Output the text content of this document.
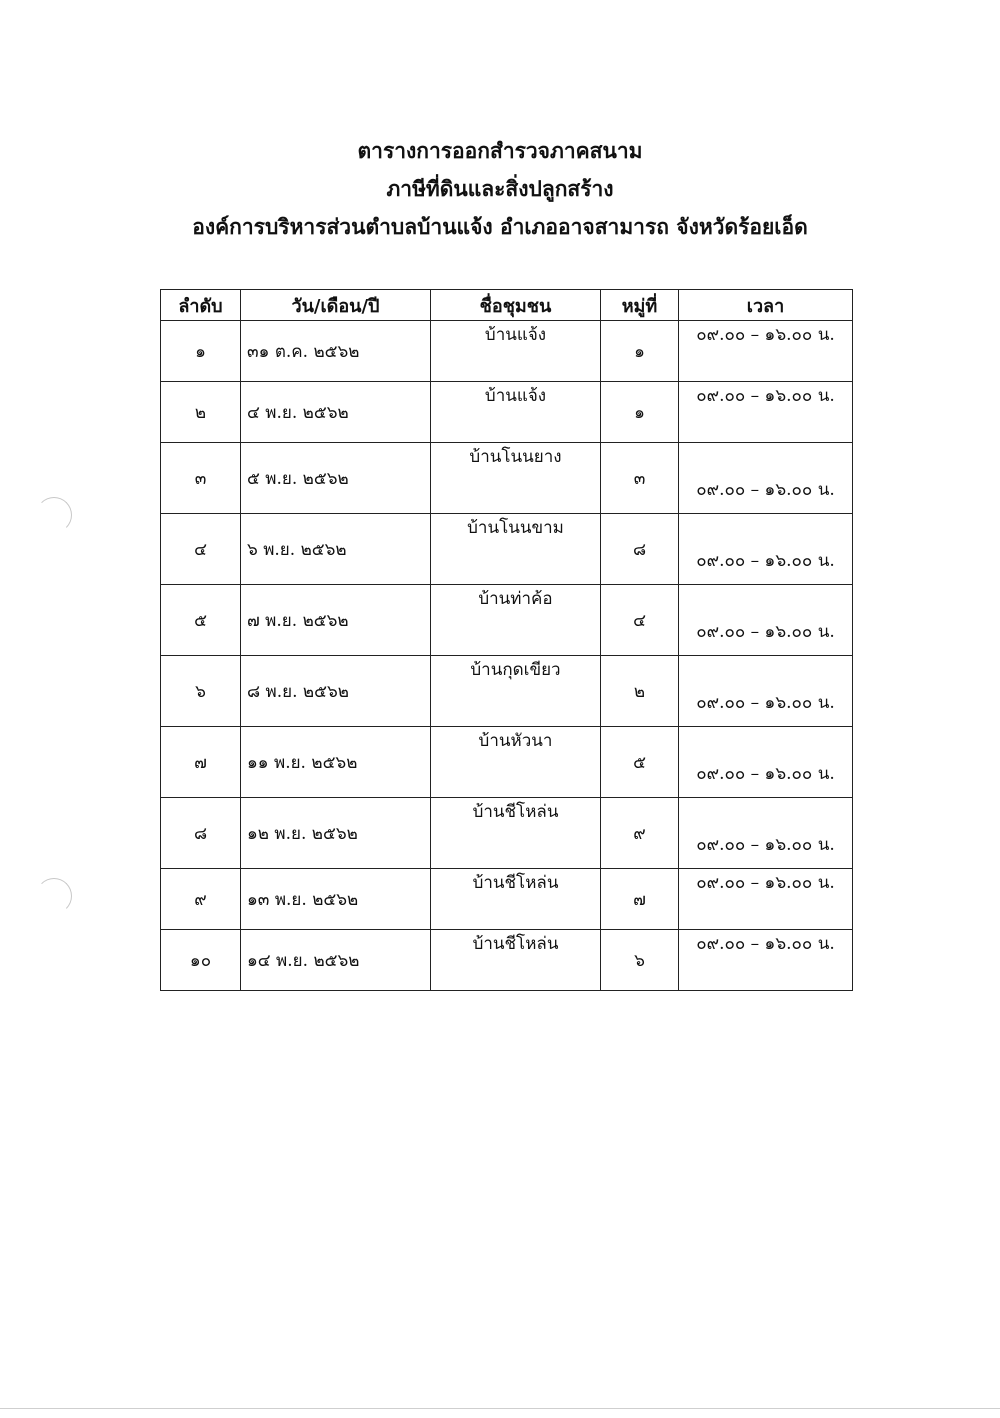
ตารางการออกสำรวจภาคสนาม
ภาษีที่ดินและสิ่งปลูกสร้าง
องค์การบริหารส่วนตำบลบ้านแจ้ง อำเภออาจสามารถ จังหวัดร้อยเอ็ด
ลำดับ	วัน/เดือน/ปี	ชื่อชุมชน	หมู่ที่	เวลา
๑	๓๑ ต.ค. ๒๕๖๒	บ้านแจ้ง	๑	๐๙.๐๐ – ๑๖.๐๐ น.
๒	๔ พ.ย. ๒๕๖๒	บ้านแจ้ง	๑	๐๙.๐๐ – ๑๖.๐๐ น.
๓	๕ พ.ย. ๒๕๖๒	บ้านโนนยาง	๓	๐๙.๐๐ – ๑๖.๐๐ น.
๔	๖ พ.ย. ๒๕๖๒	บ้านโนนขาม	๘	๐๙.๐๐ – ๑๖.๐๐ น.
๕	๗ พ.ย. ๒๕๖๒	บ้านท่าค้อ	๔	๐๙.๐๐ – ๑๖.๐๐ น.
๖	๘ พ.ย. ๒๕๖๒	บ้านกุดเขียว	๒	๐๙.๐๐ – ๑๖.๐๐ น.
๗	๑๑ พ.ย. ๒๕๖๒	บ้านหัวนา	๕	๐๙.๐๐ – ๑๖.๐๐ น.
๘	๑๒ พ.ย. ๒๕๖๒	บ้านชีโหล่น	๙	๐๙.๐๐ – ๑๖.๐๐ น.
๙	๑๓ พ.ย. ๒๕๖๒	บ้านชีโหล่น	๗	๐๙.๐๐ – ๑๖.๐๐ น.
๑๐	๑๔ พ.ย. ๒๕๖๒	บ้านชีโหล่น	๖	๐๙.๐๐ – ๑๖.๐๐ น.
